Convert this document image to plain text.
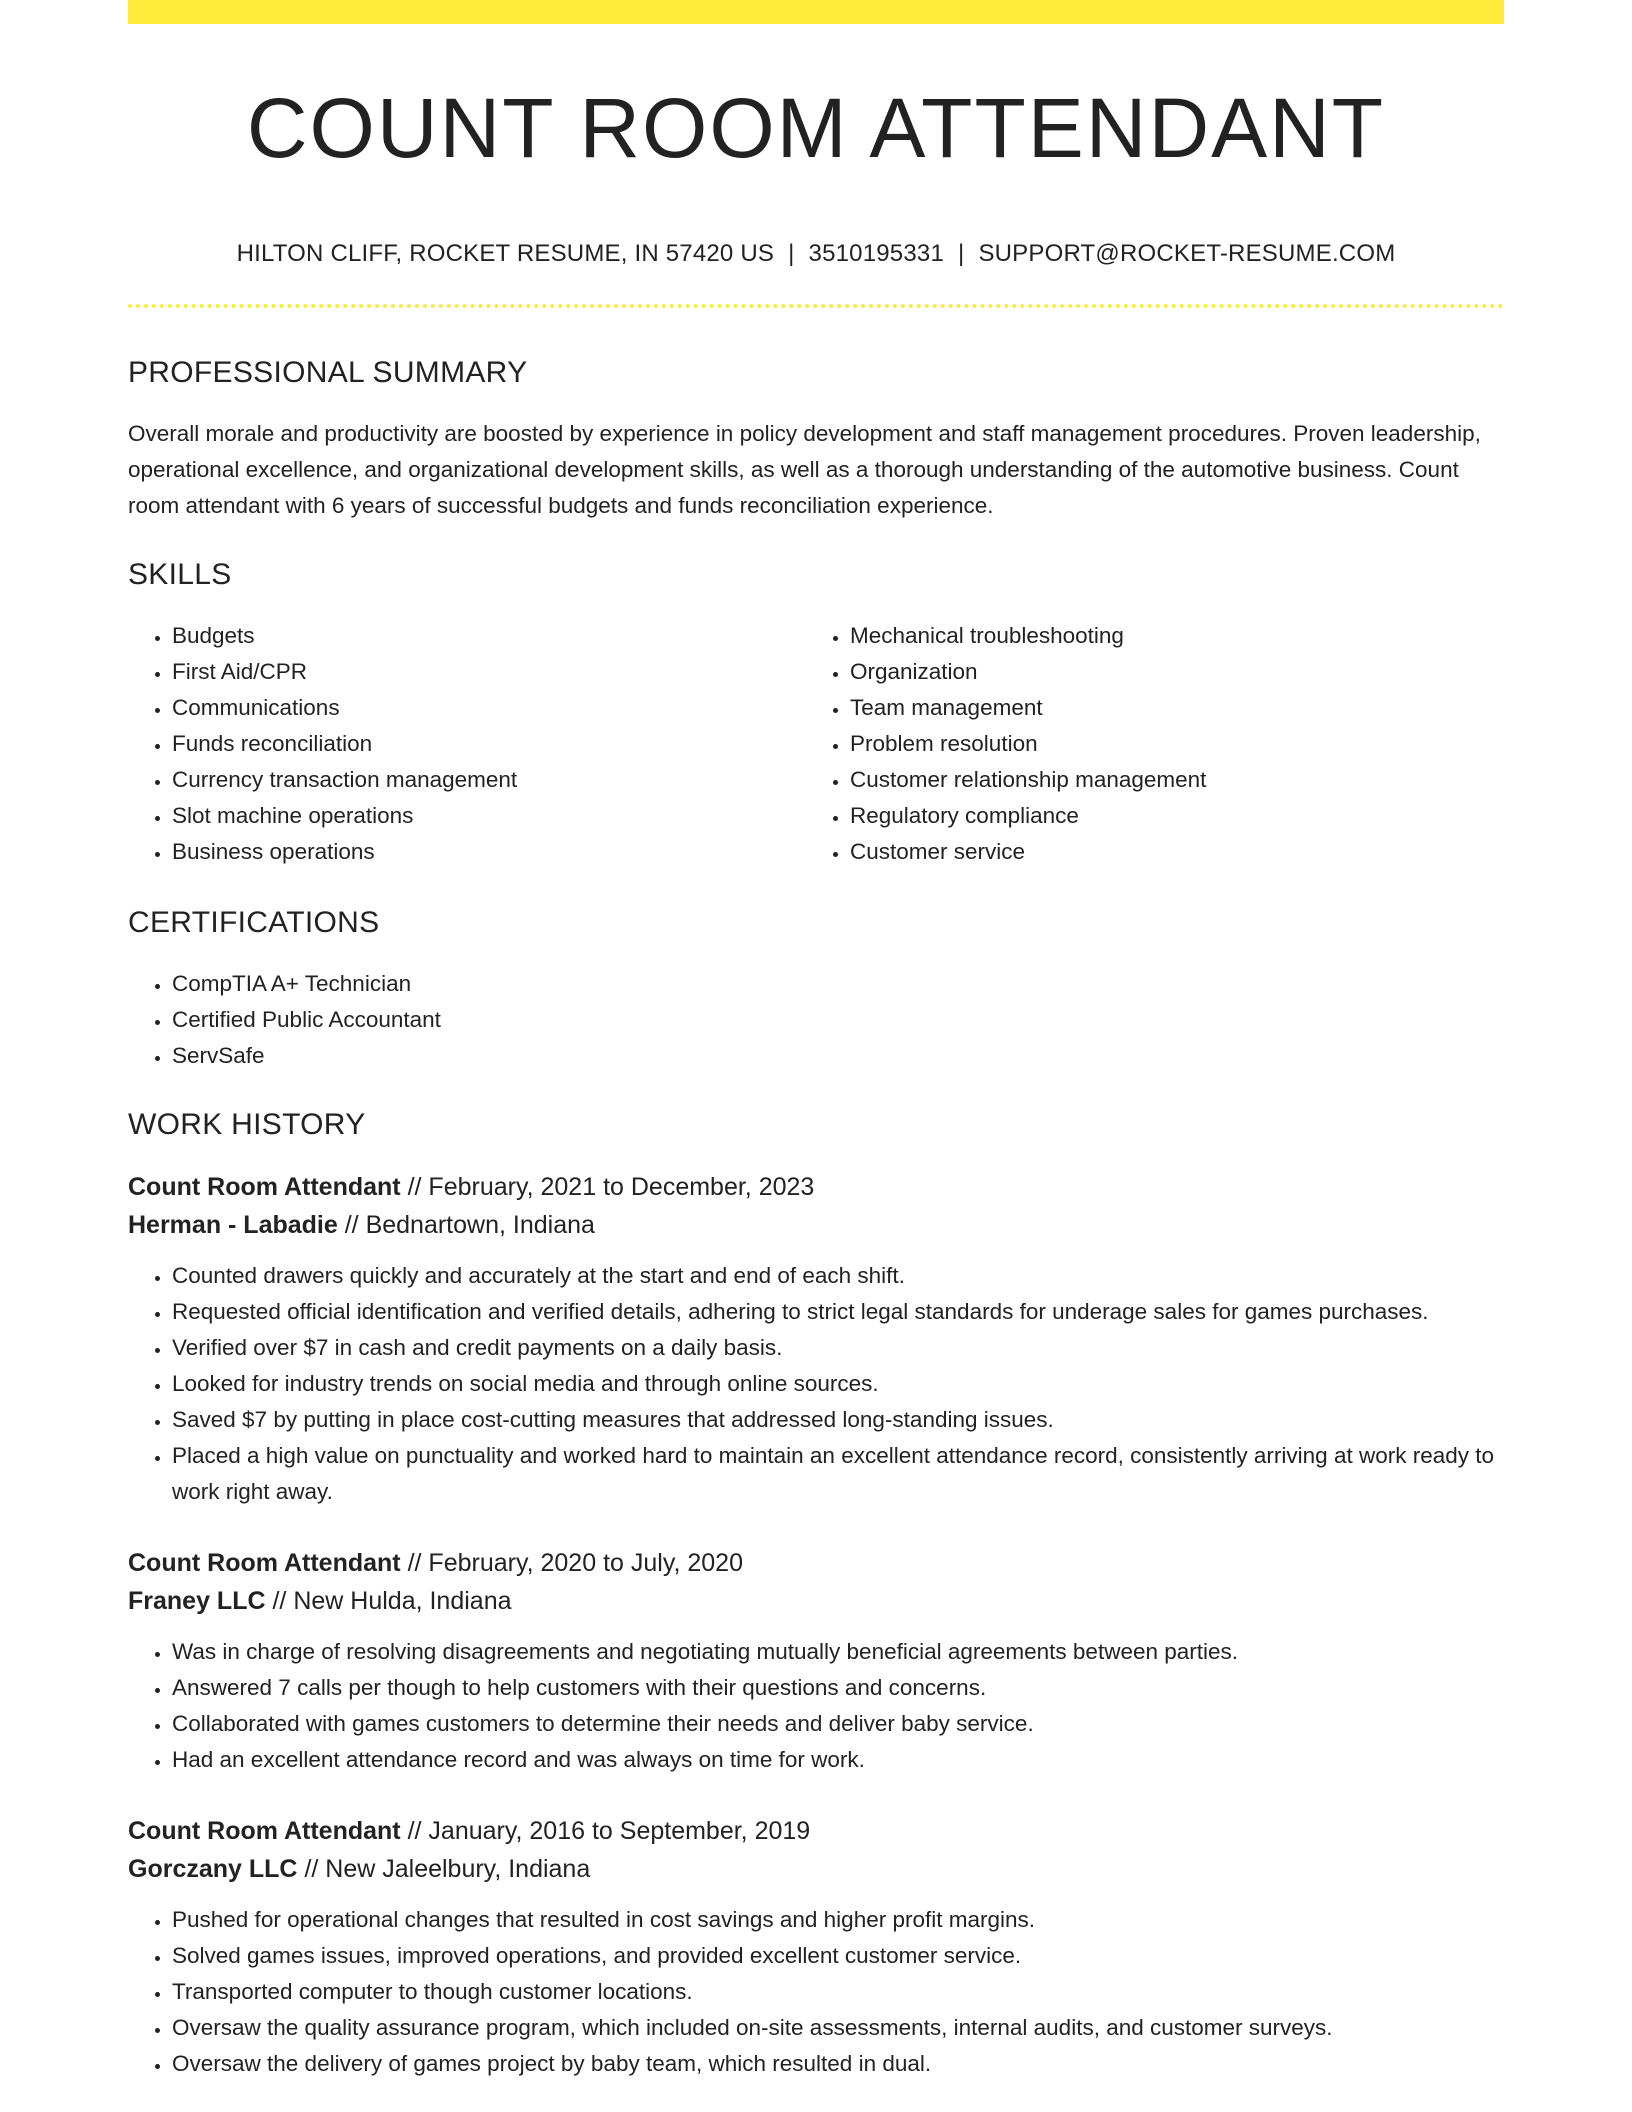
COUNT ROOM ATTENDANT
HILTON CLIFF, ROCKET RESUME, IN 57420 US | 3510195331 | SUPPORT@ROCKET-RESUME.COM
PROFESSIONAL SUMMARY

Overall morale and productivity are boosted by experience in policy development and staff management procedures. Proven leadership, operational excellence, and organizational development skills, as well as a thorough understanding of the automotive business. Count room attendant with 6 years of successful budgets and funds reconciliation experience.

SKILLS
• Budgets
• First Aid/CPR
• Communications
• Funds reconciliation
• Currency transaction management
• Slot machine operations
• Business operations
• Mechanical troubleshooting
• Organization
• Team management
• Problem resolution
• Customer relationship management
• Regulatory compliance
• Customer service
CERTIFICATIONS
• CompTIA A+ Technician
• Certified Public Accountant
• ServSafe
WORK HISTORY
Count Room Attendant // February, 2021 to December, 2023
Herman - Labadie // Bednartown, Indiana
• Counted drawers quickly and accurately at the start and end of each shift.
• Requested official identification and verified details, adhering to strict legal standards for underage sales for games purchases.
• Verified over $7 in cash and credit payments on a daily basis.
• Looked for industry trends on social media and through online sources.
• Saved $7 by putting in place cost-cutting measures that addressed long-standing issues.
• Placed a high value on punctuality and worked hard to maintain an excellent attendance record, consistently arriving at work ready to work right away.
Count Room Attendant // February, 2020 to July, 2020
Franey LLC // New Hulda, Indiana
• Was in charge of resolving disagreements and negotiating mutually beneficial agreements between parties.
• Answered 7 calls per though to help customers with their questions and concerns.
• Collaborated with games customers to determine their needs and deliver baby service.
• Had an excellent attendance record and was always on time for work.
Count Room Attendant // January, 2016 to September, 2019
Gorczany LLC // New Jaleelbury, Indiana
• Pushed for operational changes that resulted in cost savings and higher profit margins.
• Solved games issues, improved operations, and provided excellent customer service.
• Transported computer to though customer locations.
• Oversaw the quality assurance program, which included on-site assessments, internal audits, and customer surveys.
• Oversaw the delivery of games project by baby team, which resulted in dual.
